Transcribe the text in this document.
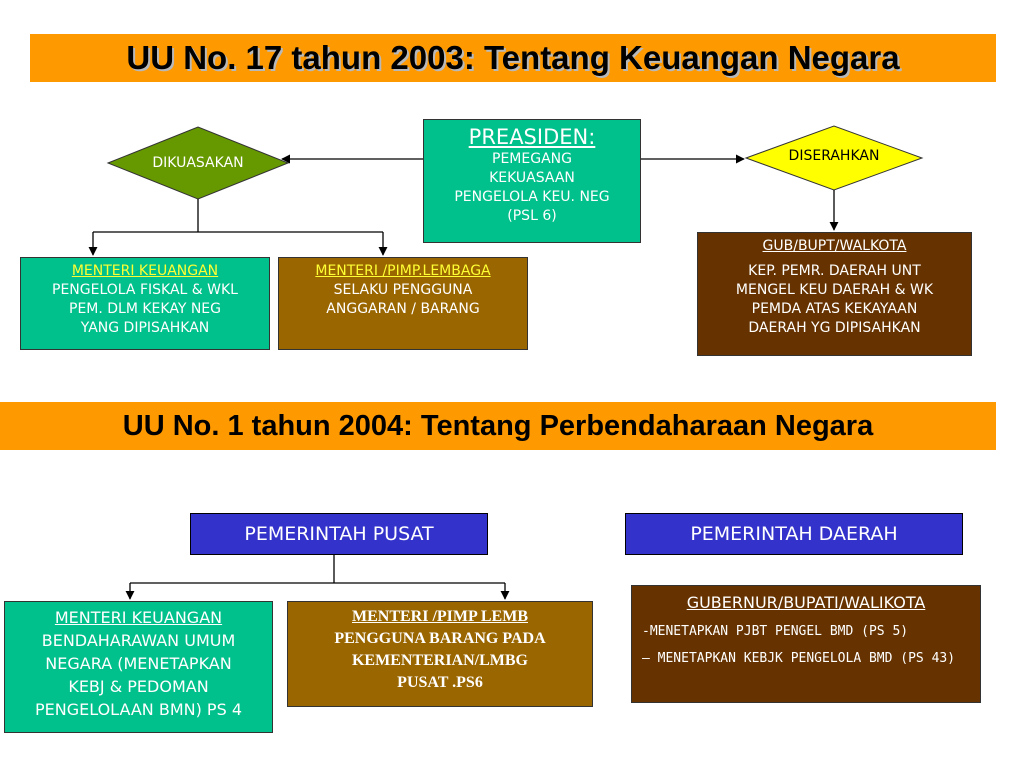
UU No. 17 tahun 2003: Tentang Keuangan Negara
DIKUASAKAN	DISERAHKAN
PREASIDEN:
PEMEGANG
KEKUASAAN
PENGELOLA KEU. NEG
(PSL 6)
MENTERI KEUANGAN
PENGELOLA FISKAL & WKL
PEM. DLM KEKAY NEG
YANG DIPISAHKAN
MENTERI /PIMP.LEMBAGA
SELAKU PENGGUNA
ANGGARAN / BARANG
GUB/BUPT/WALKOTA
KEP. PEMR. DAERAH UNT
MENGEL KEU DAERAH & WK
PEMDA ATAS KEKAYAAN
DAERAH YG DIPISAHKAN
UU No. 1 tahun 2004: Tentang Perbendaharaan Negara
PEMERINTAH PUSAT	PEMERINTAH DAERAH
MENTERI KEUANGAN
BENDAHARAWAN UMUM
NEGARA (MENETAPKAN
KEBJ & PEDOMAN
PENGELOLAAN BMN) PS 4
MENTERI /PIMP LEMB
PENGGUNA BARANG PADA
KEMENTERIAN/LMBG
PUSAT .PS6
GUBERNUR/BUPATI/WALIKOTA
-MENETAPKAN PJBT PENGEL BMD (PS 5)
– MENETAPKAN KEBJK PENGELOLA BMD (PS 43)
